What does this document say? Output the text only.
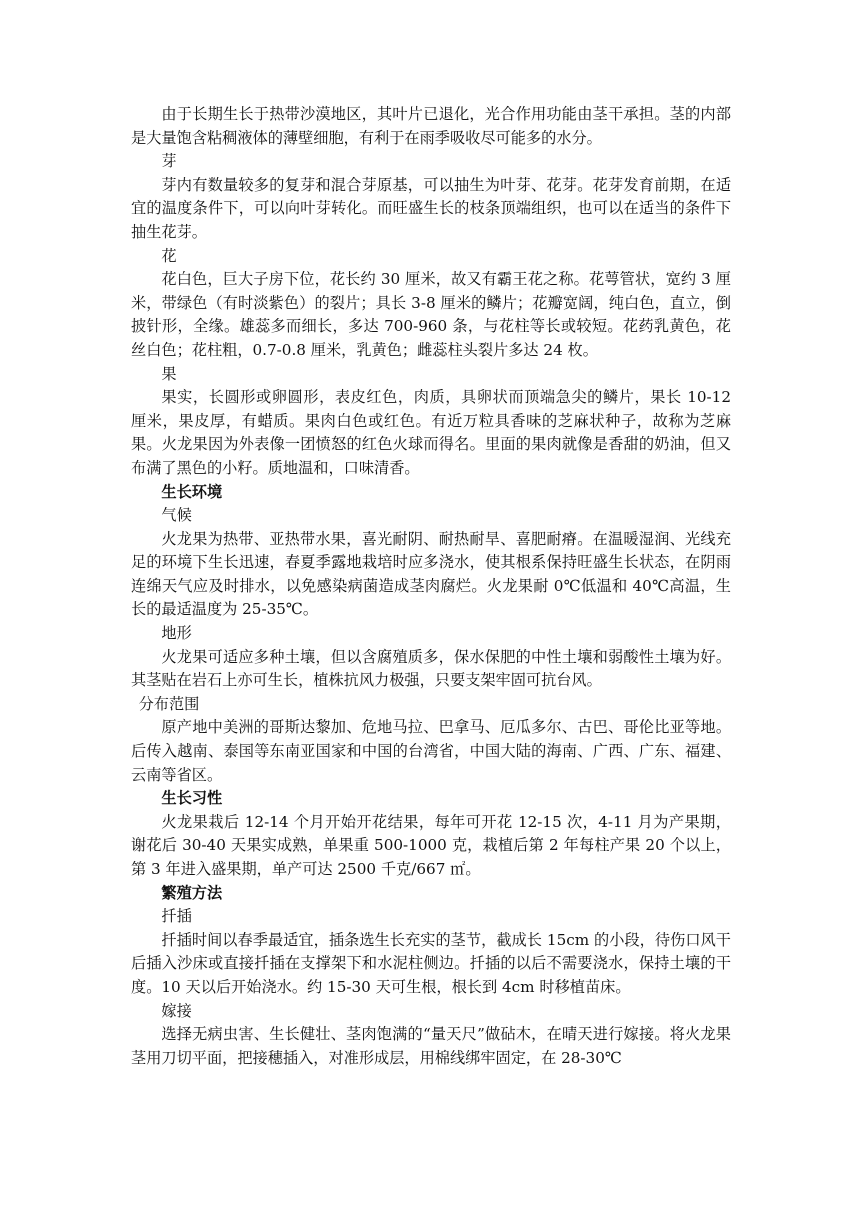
由于长期生长于热带沙漠地区，其叶片已退化，光合作用功能由茎干承担。茎的内部是大量饱含粘稠液体的薄壁细胞，有利于在雨季吸收尽可能多的水分。

芽

芽内有数量较多的复芽和混合芽原基，可以抽生为叶芽、花芽。花芽发育前期，在适宜的温度条件下，可以向叶芽转化。而旺盛生长的枝条顶端组织，也可以在适当的条件下抽生花芽。

花

花白色，巨大子房下位，花长约 30 厘米，故又有霸王花之称。花萼管状，宽约 3 厘米，带绿色（有时淡紫色）的裂片；具长 3-8 厘米的鳞片；花瓣宽阔，纯白色，直立，倒披针形，全缘。雄蕊多而细长，多达 700-960 条，与花柱等长或较短。花药乳黄色，花丝白色；花柱粗，0.7-0.8 厘米，乳黄色；雌蕊柱头裂片多达 24 枚。

果

果实，长圆形或卵圆形，表皮红色，肉质，具卵状而顶端急尖的鳞片，果长 10-12 厘米，果皮厚，有蜡质。果肉白色或红色。有近万粒具香味的芝麻状种子，故称为芝麻果。火龙果因为外表像一团愤怒的红色火球而得名。里面的果肉就像是香甜的奶油，但又布满了黑色的小籽。质地温和，口味清香。

生长环境

气候

火龙果为热带、亚热带水果，喜光耐阴、耐热耐旱、喜肥耐瘠。在温暖湿润、光线充足的环境下生长迅速，春夏季露地栽培时应多浇水，使其根系保持旺盛生长状态，在阴雨连绵天气应及时排水，以免感染病菌造成茎肉腐烂。火龙果耐 0℃低温和 40℃高温，生长的最适温度为 25-35℃。

地形

火龙果可适应多种土壤，但以含腐殖质多，保水保肥的中性土壤和弱酸性土壤为好。其茎贴在岩石上亦可生长，植株抗风力极强，只要支架牢固可抗台风。

分布范围

原产地中美洲的哥斯达黎加、危地马拉、巴拿马、厄瓜多尔、古巴、哥伦比亚等地。后传入越南、泰国等东南亚国家和中国的台湾省，中国大陆的海南、广西、广东、福建、云南等省区。

生长习性

火龙果栽后 12-14 个月开始开花结果，每年可开花 12-15 次，4-11 月为产果期，谢花后 30-40 天果实成熟，单果重 500-1000 克，栽植后第 2 年每柱产果 20 个以上，第 3 年进入盛果期，单产可达 2500 千克/667 ㎡。

繁殖方法

扦插

扦插时间以春季最适宜，插条选生长充实的茎节，截成长 15cm 的小段，待伤口风干后插入沙床或直接扦插在支撑架下和水泥柱侧边。扦插的以后不需要浇水，保持土壤的干度。10 天以后开始浇水。约 15-30 天可生根，根长到 4cm 时移植苗床。

嫁接

选择无病虫害、生长健壮、茎肉饱满的“量天尺”做砧木，在晴天进行嫁接。将火龙果茎用刀切平面，把接穗插入，对准形成层，用棉线绑牢固定，在 28-30℃
